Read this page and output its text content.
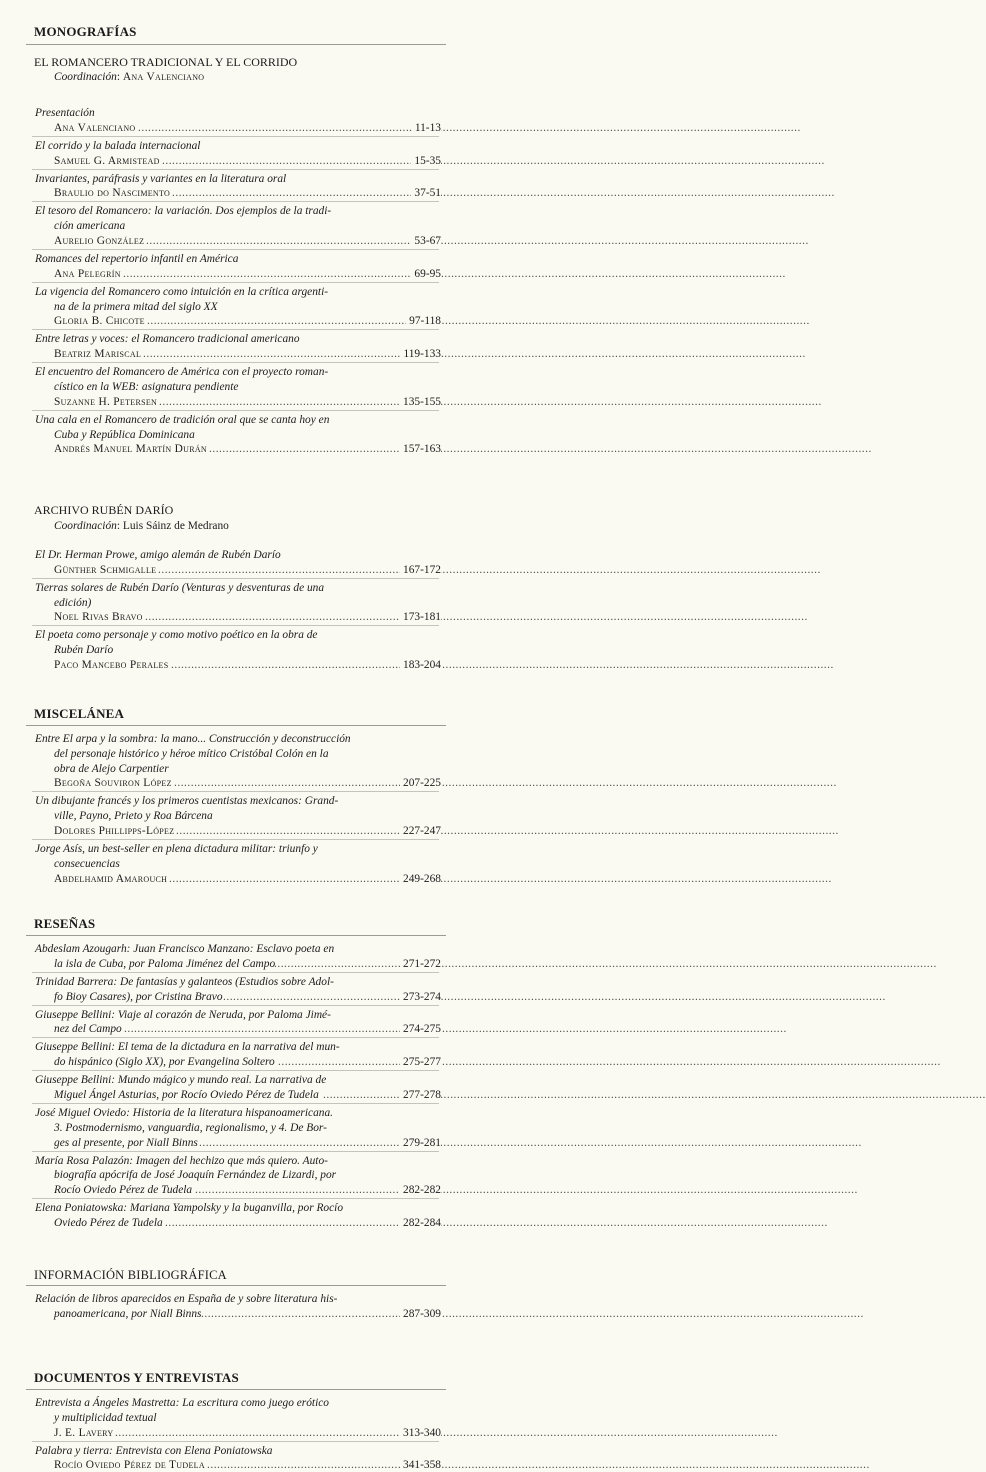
MONOGRAFÍAS
EL ROMANCERO TRADICIONAL Y EL CORRIDO
Coordinación: Ana Valenciano
Presentación
Ana Valenciano .....	11-13
El corrido y la balada internacional
Samuel G. Armistead .....	15-35
Invariantes, paráfrasis y variantes en la literatura oral
Braulio do Nascimento .....	37-51
El tesoro del Romancero: la variación. Dos ejemplos de la tradi-
ción americana
Aurelio González .....	53-67
Romances del repertorio infantil en América
Ana Pelegrín .....	69-95
La vigencia del Romancero como intuición en la crítica argenti-
na de la primera mitad del siglo XX
Gloria B. Chicote .....	97-118
Entre letras y voces: el Romancero tradicional americano
Beatriz Mariscal .....	119-133
El encuentro del Romancero de América con el proyecto roman-
cístico en la WEB: asignatura pendiente
Suzanne H. Petersen .....	135-155
Una cala en el Romancero de tradición oral que se canta hoy en
Cuba y República Dominicana
Andrés Manuel Martín Durán .....	157-163
ARCHIVO RUBÉN DARÍO
Coordinación: Luis Sáinz de Medrano
El Dr. Herman Prowe, amigo alemán de Rubén Darío
Günther Schmigalle .....	167-172
Tierras solares de Rubén Darío (Venturas y desventuras de una
edición)
Noel Rivas Bravo .....	173-181
El poeta como personaje y como motivo poético en la obra de
Rubén Darío
Paco Mancebo Perales .....	183-204
MISCELÁNEA
Entre El arpa y la sombra: la mano... Construcción y deconstrucción
del personaje histórico y héroe mítico Cristóbal Colón en la
obra de Alejo Carpentier
Begoña Souviron López .....	207-225
Un dibujante francés y los primeros cuentistas mexicanos: Grand-
ville, Payno, Prieto y Roa Bárcena
Dolores Phillipps-López .....	227-247
Jorge Asís, un best-seller en plena dictadura militar: triunfo y
consecuencias
Abdelhamid Amarouch .....	249-268
RESEÑAS
Abdeslam Azougarh: Juan Francisco Manzano: Esclavo poeta en
la isla de Cuba, por Paloma Jiménez del Campo .....	271-272
Trinidad Barrera: De fantasías y galanteos (Estudios sobre Adol-
fo Bioy Casares), por Cristina Bravo .....	273-274
Giuseppe Bellini: Viaje al corazón de Neruda, por Paloma Jimé-
nez del Campo .....	274-275
Giuseppe Bellini: El tema de la dictadura en la narrativa del mun-
do hispánico (Siglo XX), por Evangelina Soltero .....	275-277
Giuseppe Bellini: Mundo mágico y mundo real. La narrativa de
Miguel Ángel Asturias, por Rocío Oviedo Pérez de Tudela .....	277-278
José Miguel Oviedo: Historia de la literatura hispanoamericana.
3. Postmodernismo, vanguardia, regionalismo, y 4. De Bor-
ges al presente, por Niall Binns .....	279-281
María Rosa Palazón: Imagen del hechizo que más quiero. Auto-
biografía apócrifa de José Joaquín Fernández de Lizardi, por
Rocío Oviedo Pérez de Tudela .....	282-282
Elena Poniatowska: Mariana Yampolsky y la buganvilla, por Rocío
Oviedo Pérez de Tudela .....	282-284
INFORMACIÓN BIBLIOGRÁFICA
Relación de libros aparecidos en España de y sobre literatura his-
panoamericana, por Niall Binns .....	287-309
DOCUMENTOS Y ENTREVISTAS
Entrevista a Ángeles Mastretta: La escritura como juego erótico
y multiplicidad textual
J. E. Lavery .....	313-340
Palabra y tierra: Entrevista con Elena Poniatowska
Rocío Oviedo Pérez de Tudela .....	341-358
